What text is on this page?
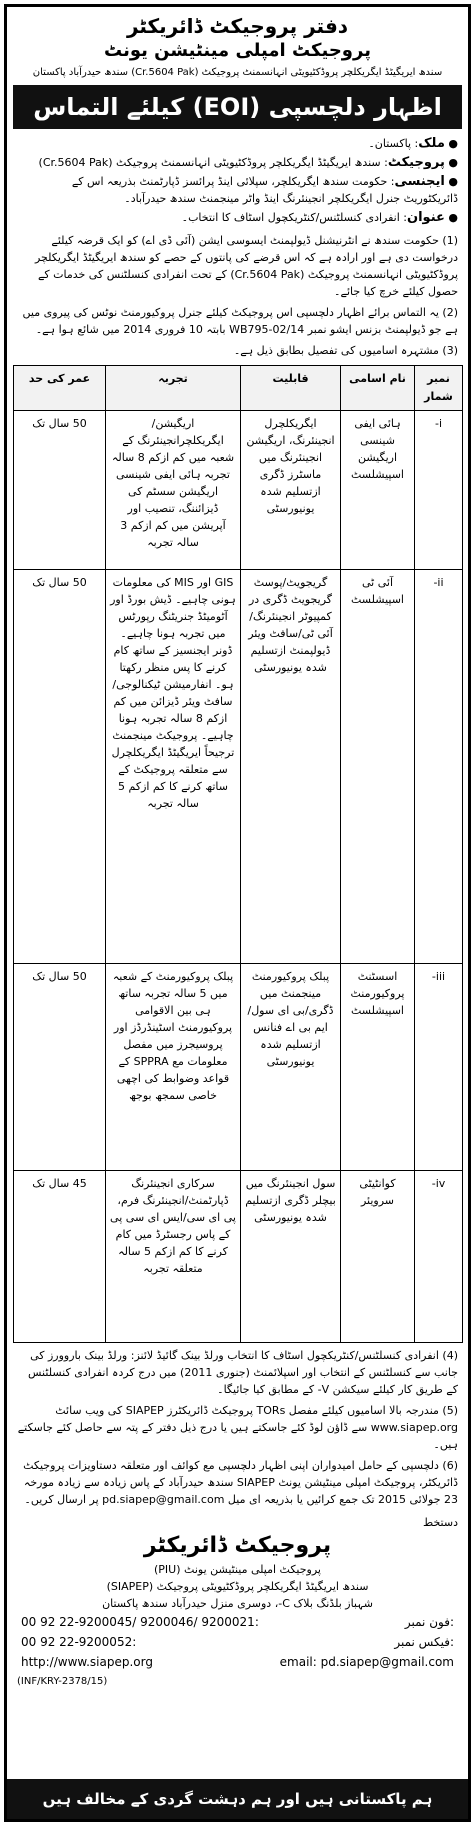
دفتر پروجیکٹ ڈائریکٹر
پروجیکٹ امپلی مینٹیشن یونٹ
سندھ ایریگیٹڈ ایگریکلچر پروڈکٹیویٹی انہانسمنٹ پروجیکٹ (Cr.5604 Pak) سندھ حیدرآباد پاکستان
اظہار دلچسپی (EOI) کیلئے التماس
● ملک: پاکستان۔
● پروجیکٹ: سندھ ایریگیٹڈ ایگریکلچر پروڈکٹیویٹی انہانسمنٹ پروجیکٹ (Cr.5604 Pak)
● ایجنسی: حکومت سندھ ایگریکلچر، سپلائی اینڈ پرائسز ڈپارٹمنٹ بذریعہ اس کے ڈائریکٹوریٹ جنرل ایگریکلچر انجینئرنگ اینڈ واٹر مینجمنٹ سندھ حیدرآباد۔
● عنوان: انفرادی کنسلٹنس/کنٹریکچول اسٹاف کا انتخاب۔
(1) حکومت سندھ نے انٹرنیشنل ڈیولپمنٹ ایسوسی ایشن (آئی ڈی اے) کو ایک قرضہ کیلئے درخواست دی ہے اور ارادہ ہے کہ اس قرضے کی پانتوں کے حصے کو سندھ ایریگیٹڈ ایگریکلچر پروڈکٹیویٹی انہانسمنٹ پروجیکٹ (Cr.5604 Pak) کے تحت انفرادی کنسلٹنس کی خدمات کے حصول کیلئے خرچ کیا جائے۔
(2) یہ التماس برائے اظہار دلچسپی اس پروجیکٹ کیلئے جنرل پروکیورمنٹ نوٹس کی پیروی میں ہے جو ڈیولپمنٹ بزنس ایشو نمبر WB795-02/14 بابتہ 10 فروری 2014 میں شائع ہوا ہے۔
(3) مشتہرہ اسامیوں کی تفصیل بطابق ذیل ہے۔
نمبر شمار	نام اسامی	قابلیت	تجربہ	عمر کی حد
i-	ہائی ایفی شینسی اریگیشن اسپیشلسٹ	ایگریکلچرل انجینئرنگ، اریگیشن انجینئرنگ میں ماسٹرز ڈگری ازتسلیم شدہ یونیورسٹی	اریگیشن/ایگریکلچرانجینئرنگ کے شعبہ میں کم ازکم 8 سالہ تجربہ ہائی ایفی شینسی اریگیشن سسٹم کی ڈیزائننگ، تنصیب اور آپریشن میں کم ازکم 3 سالہ تجربہ	50 سال تک
ii-	آئی ٹی اسپیشلسٹ	گریجویٹ/پوسٹ گریجویٹ ڈگری در کمپیوٹر انجینئرنگ/آئی ٹی/سافٹ ویئر ڈیولپمنٹ ازتسلیم شدہ یونیورسٹی	GIS اور MIS کی معلومات ہونی چاہیے۔ ڈیش بورڈ اور آٹومیٹڈ جنریٹنگ رپورٹس میں تجربہ ہونا چاہیے۔ ڈونر ایجنسیز کے ساتھ کام کرنے کا پس منظر رکھتا ہو۔ انفارمیشن ٹیکنالوجی/سافٹ ویئر ڈیزائن میں کم ازکم 8 سالہ تجربہ ہونا چاہیے۔ پروجیکٹ مینجمنٹ ترجیحاً ایریگیٹڈ ایگریکلچرل سے متعلقہ پروجیکٹ کے ساتھ کرنے کا کم ازکم 5 سالہ تجربہ	50 سال تک
iii-	اسسٹنٹ پروکیورمنٹ اسپیشلسٹ	پبلک پروکیورمنٹ مینجمنٹ میں ڈگری/بی ای سول/ایم بی اے فنانس ازتسلیم شدہ یونیورسٹی	پبلک پروکیورمنٹ کے شعبہ میں 5 سالہ تجربہ ساتھ ہی بین الاقوامی پروکیورمنٹ اسٹینڈرڈز اور پروسیجرز میں مفصل معلومات مع SPPRA کے قواعد وضوابط کی اچھی خاصی سمجھ بوجھ	50 سال تک
iv-	کوانٹیٹی سرویئر	سول انجینئرنگ میں بیچلر ڈگری ازتسلیم شدہ یونیورسٹی	سرکاری انجینئرنگ ڈپارٹمنٹ/انجینئرنگ فرم، پی ای سی/ایس ای سی پی کے پاس رجسٹرڈ میں کام کرنے کا کم ازکم 5 سالہ متعلقہ تجربہ	45 سال تک
(4) انفرادی کنسلٹنس/کنٹریکچول اسٹاف کا انتخاب ورلڈ بینک گائیڈ لائنز: ورلڈ بینک باروورز کی جانب سے کنسلٹنس کے انتخاب اور اسپلائمنٹ (جنوری 2011) میں درج کردہ انفرادی کنسلٹنس کے طریق کار کیلئے سیکشن V- کے مطابق کیا جائیگا۔
(5) مندرجہ بالا اسامیوں کیلئے مفصل TORs پروجیکٹ ڈائریکٹرز SIAPEP کی ویب سائٹ www.siapep.org سے ڈاؤن لوڈ کئے جاسکتے ہیں یا درج ذیل دفتر کے پتہ سے حاصل کئے جاسکتے ہیں۔
(6) دلچسپی کے حامل امیدواران اپنی اظہار دلچسپی مع کوائف اور متعلقہ دستاویزات پروجیکٹ ڈائریکٹر، پروجیکٹ امپلی مینٹیشن یونٹ SIAPEP سندھ حیدرآباد کے پاس زیادہ سے زیادہ مورخہ 23 جولائی 2015 تک جمع کرائیں یا بذریعہ ای میل pd.siapep@gmail.com پر ارسال کریں۔
دستخط
پروجیکٹ ڈائریکٹر
پروجیکٹ امپلی مینٹیشن یونٹ (PIU)
سندھ ایریگیٹڈ ایگریکلچر پروڈکٹیویٹی پروجیکٹ (SIAPEP)
شہباز بلڈنگ بلاک C-، دوسری منزل حیدرآباد سندھ پاکستان
00 92 22-9200045/ 9200046/ 9200021:	فون نمبر:
00 92 22-9200052:	فیکس نمبر:
http://www.siapep.org	email: pd.siapep@gmail.com
(INF/KRY-2378/15)
ہم پاکستانی ہیں اور ہم دہشت گردی کے مخالف ہیں
